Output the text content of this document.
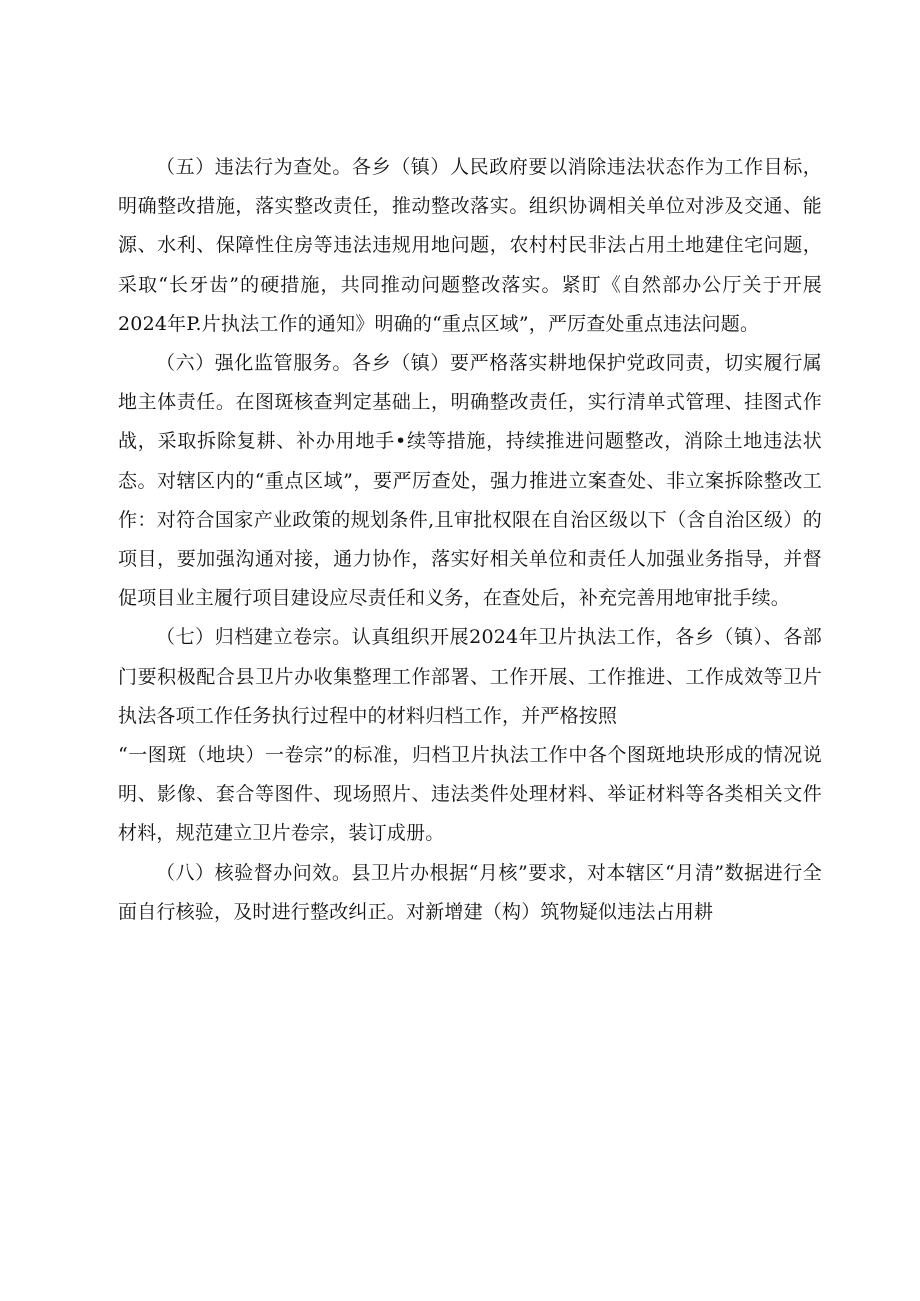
（五）违法行为查处。各乡（镇）人民政府要以消除违法状态作为工作目标，明确整改措施，落实整改责任，推动整改落实。组织协调相关单位对涉及交通、能源、水利、保障性住房等违法违规用地问题，农村村民非法占用土地建住宅问题，采取“长牙齿”的硬措施，共同推动问题整改落实。紧盯《自然部办公厅关于开展2024年P.片执法工作的通知》明确的“重点区域”，严厉查处重点违法问题。

（六）强化监管服务。各乡（镇）要严格落实耕地保护党政同责，切实履行属地主体责任。在图斑核查判定基础上，明确整改责任，实行清单式管理、挂图式作战，采取拆除复耕、补办用地手•续等措施，持续推进问题整改，消除土地违法状态。对辖区内的“重点区域”，要严厉查处，强力推进立案查处、非立案拆除整改工作：对符合国家产业政策的规划条件,且审批权限在自治区级以下（含自治区级）的项目，要加强沟通对接，通力协作，落实好相关单位和责任人加强业务指导，并督促项目业主履行项目建设应尽责任和义务，在查处后，补充完善用地审批手续。

（七）归档建立卷宗。认真组织开展2024年卫片执法工作，各乡（镇）、各部门要积极配合县卫片办收集整理工作部署、工作开展、工作推进、工作成效等卫片执法各项工作任务执行过程中的材料归档工作，并严格按照

“一图斑（地块）一卷宗”的标准，归档卫片执法工作中各个图斑地块形成的情况说明、影像、套合等图件、现场照片、违法类件处理材料、举证材料等各类相关文件材料，规范建立卫片卷宗，装订成册。

（八）核验督办问效。县卫片办根据“月核”要求，对本辖区“月清”数据进行全面自行核验，及时进行整改纠正。对新增建（构）筑物疑似违法占用耕
